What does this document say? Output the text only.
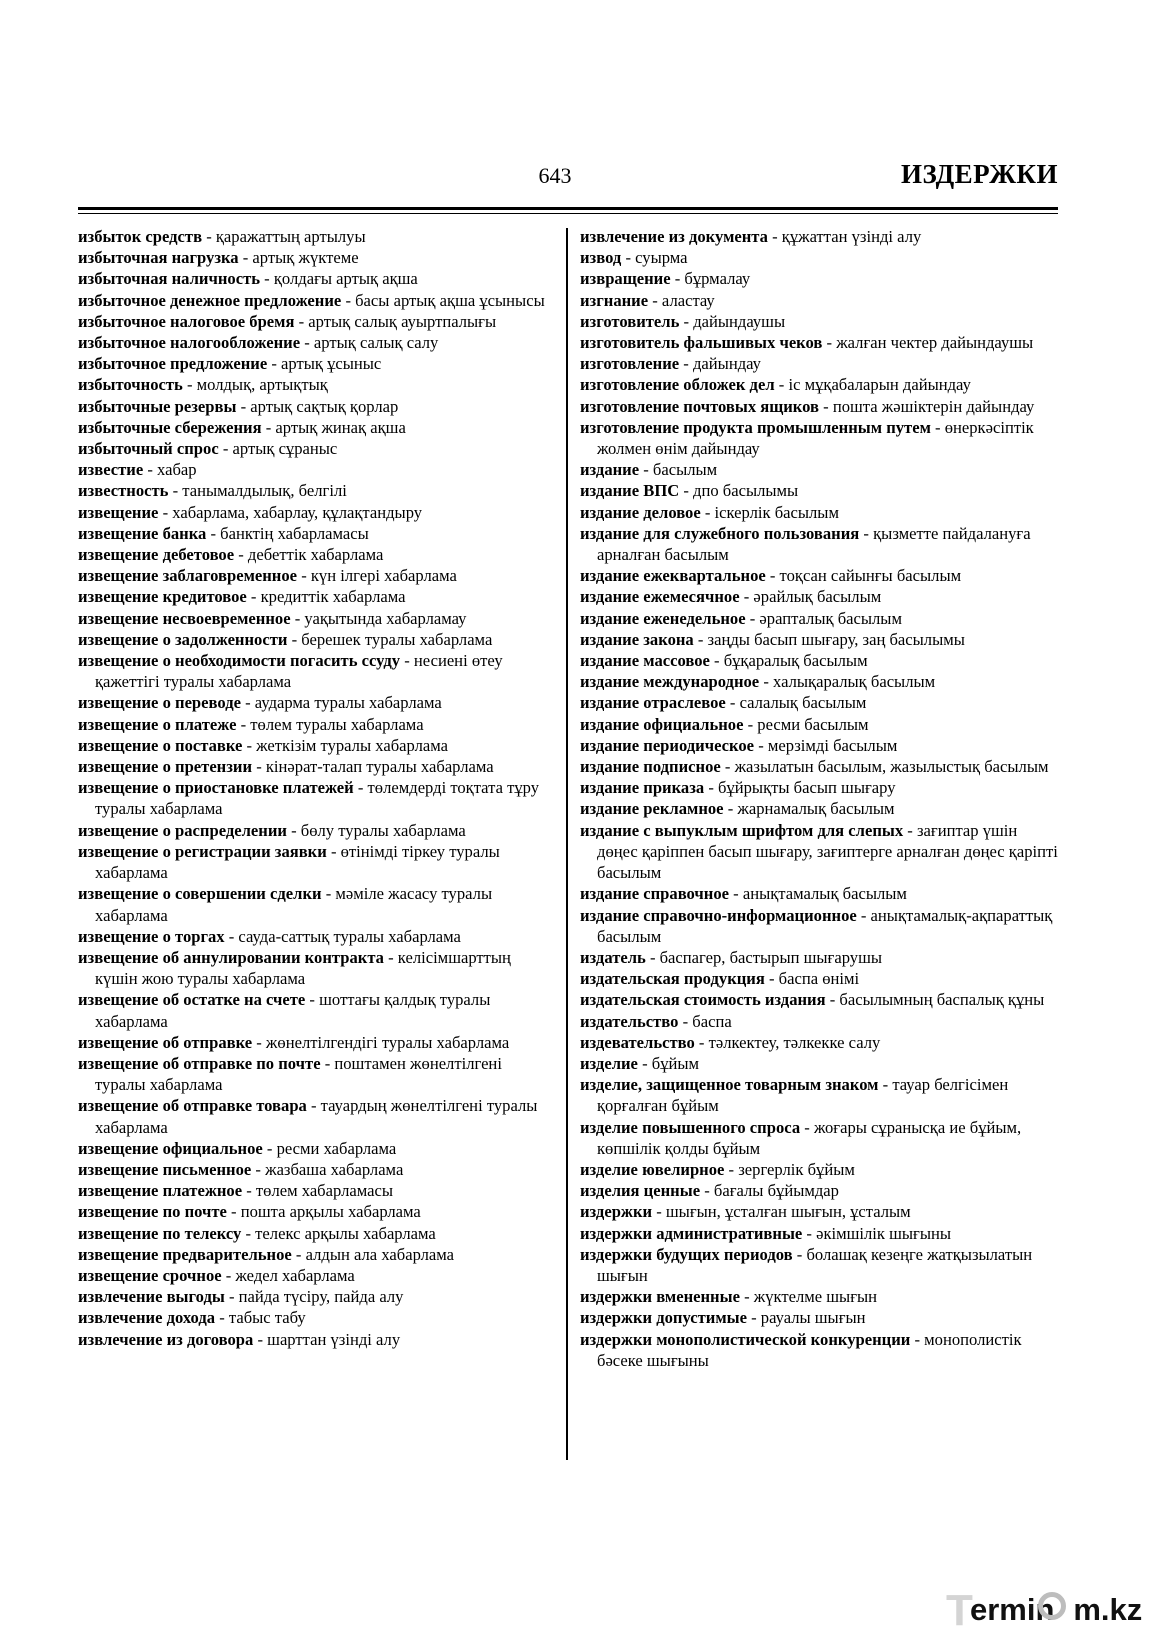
643	ИЗДЕРЖКИ
избыток средств - қаражаттың артылуы
избыточная нагрузка - артық жүктеме
избыточная наличность - қолдағы артық ақша
избыточное денежное предложение - басы артық ақша ұсынысы
избыточное налоговое бремя - артық салық ауыртпалығы
избыточное налогообложение - артық салық салу
избыточное предложение - артық ұсыныс
избыточность - молдық, артықтық
избыточные резервы - артық сақтық қорлар
избыточные сбережения - артық жинақ ақша
избыточный спрос - артық сұраныс
известие - хабар
известность - танымалдылық, белгілі
извещение - хабарлама, хабарлау, құлақтандыру
извещение банка - банктің хабарламасы
извещение дебетовое - дебеттік хабарлама
извещение заблаговременное - күн ілгері хабарлама
извещение кредитовое - кредиттік хабарлама
извещение несвоевременное - уақытында хабарламау
извещение о задолженности - берешек туралы хабарлама
извещение о необходимости погасить ссуду - несиені өтеу қажеттігі туралы хабарлама
извещение о переводе - аударма туралы хабарлама
извещение о платеже - төлем туралы хабарлама
извещение о поставке - жеткізім туралы хабарлама
извещение о претензии - кінәрат-талап туралы хабарлама
извещение о приостановке платежей - төлемдерді тоқтата тұру туралы хабарлама
извещение о распределении - бөлу туралы хабарлама
извещение о регистрации заявки - өтінімді тіркеу туралы хабарлама
извещение о совершении сделки - мәміле жасасу туралы хабарлама
извещение о торгах - сауда-саттық туралы хабарлама
извещение об аннулировании контракта - келісімшарттың күшін жою туралы хабарлама
извещение об остатке на счете - шоттағы қалдық туралы хабарлама
извещение об отправке - жөнелтілгендігі туралы хабарлама
извещение об отправке по почте - поштамен жөнелтілгені туралы хабарлама
извещение об отправке товара - тауардың жөнелтілгені туралы хабарлама
извещение официальное - ресми хабарлама
извещение письменное - жазбаша хабарлама
извещение платежное - төлем хабарламасы
извещение по почте - пошта арқылы хабарлама
извещение по телексу - телекс арқылы хабарлама
извещение предварительное - алдын ала хабарлама
извещение срочное - жедел хабарлама
извлечение выгоды - пайда түсіру, пайда алу
извлечение дохода - табыс табу
извлечение из договора - шарттан үзінді алу
извлечение из документа - құжаттан үзінді алу
извод - суырма
извращение - бұрмалау
изгнание - аластау
изготовитель - дайындаушы
изготовитель фальшивых чеков - жалған чектер дайындаушы
изготовление - дайындау
изготовление обложек дел - іс мұқабаларын дайындау
изготовление почтовых ящиков - пошта жәшіктерін дайындау
изготовление продукта промышленным путем - өнеркәсіптік жолмен өнім дайындау
издание - басылым
издание ВПС - дпо басылымы
издание деловое - іскерлік басылым
издание для служебного пользования - қызметте пайдалануға арналған басылым
издание ежеквартальное - тоқсан сайынғы басылым
издание ежемесячное - әрайлық басылым
издание еженедельное - әрапталық басылым
издание закона - заңды басып шығару, заң басылымы
издание массовое - бұқаралық басылым
издание международное - халықаралық басылым
издание отраслевое - салалық басылым
издание официальное - ресми басылым
издание периодическое - мерзімді басылым
издание подписное - жазылатын басылым, жазылыстық басылым
издание приказа - бұйрықты басып шығару
издание рекламное - жарнамалық басылым
издание с выпуклым шрифтом для слепых - зағиптар үшін дөңес қаріппен басып шығару, зағиптерге арналған дөңес қаріпті басылым
издание справочное - анықтамалық басылым
издание справочно-информационное - анықтамалық-ақпараттық басылым
издатель - баспагер, бастырып шығарушы
издательская продукция - баспа өнімі
издательская стоимость издания - басылымның баспалық құны
издательство - баспа
издевательство - тәлкектеу, тәлкекке салу
изделие - бұйым
изделие, защищенное товарным знаком - тауар белгісімен қорғалған бұйым
изделие повышенного спроса - жоғары сұранысқа ие бұйым, көпшілік қолды бұйым
изделие ювелирное - зергерлік бұйым
изделия ценные - бағалы бұйымдар
издержки - шығын, ұсталған шығын, ұсталым
издержки административные - әкімшілік шығыны
издержки будущих периодов - болашақ кезеңге жатқызылатын шығын
издержки вмененные - жүктелме шығын
издержки допустимые - рауалы шығын
издержки монополистической конкуренции - монополистік бәсеке шығыны
T
ermin m.kz
